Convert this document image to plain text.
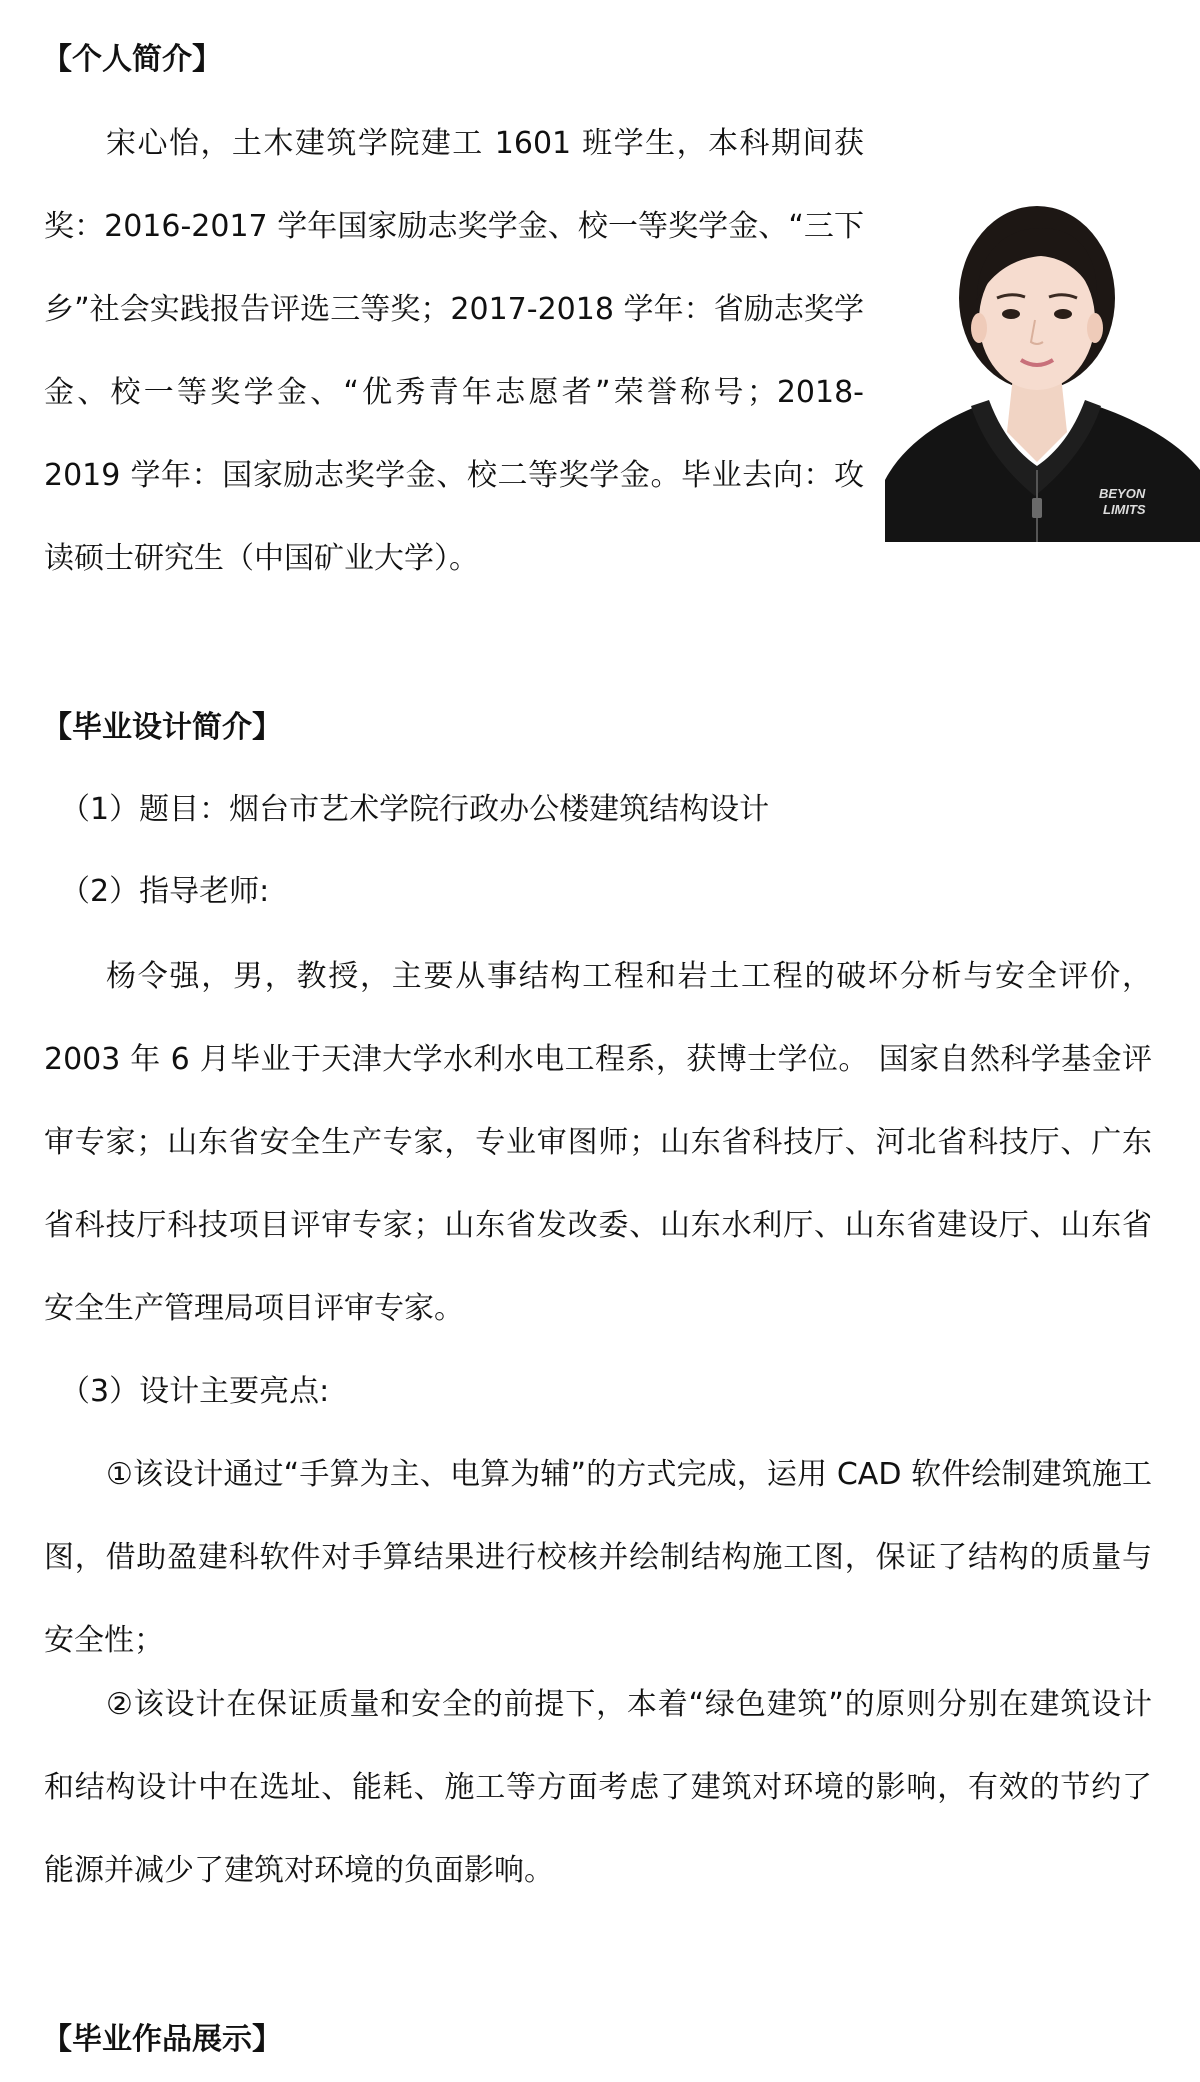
【个人简介】
宋心怡，土木建筑学院建工 1601 班学生，本科期间获奖：2016-2017 学年国家励志奖学金、校一等奖学金、“三下乡”社会实践报告评选三等奖；2017-2018 学年：省励志奖学金、校一等奖学金、“优秀青年志愿者”荣誉称号；2018-2019 学年：国家励志奖学金、校二等奖学金。毕业去向：攻读硕士研究生（中国矿业大学）。
BEYON
LIMITS
【毕业设计简介】
（1）题目：烟台市艺术学院行政办公楼建筑结构设计
（2）指导老师:
杨令强，男，教授，主要从事结构工程和岩土工程的破坏分析与安全评价，2003 年 6 月毕业于天津大学水利水电工程系，获博士学位。 国家自然科学基金评审专家；山东省安全生产专家，专业审图师；山东省科技厅、河北省科技厅、广东省科技厅科技项目评审专家；山东省发改委、山东水利厅、山东省建设厅、山东省安全生产管理局项目评审专家。
（3）设计主要亮点:
①该设计通过“手算为主、电算为辅”的方式完成，运用 CAD 软件绘制建筑施工图，借助盈建科软件对手算结果进行校核并绘制结构施工图，保证了结构的质量与安全性；
②该设计在保证质量和安全的前提下，本着“绿色建筑”的原则分别在建筑设计和结构设计中在选址、能耗、施工等方面考虑了建筑对环境的影响，有效的节约了能源并减少了建筑对环境的负面影响。
【毕业作品展示】
